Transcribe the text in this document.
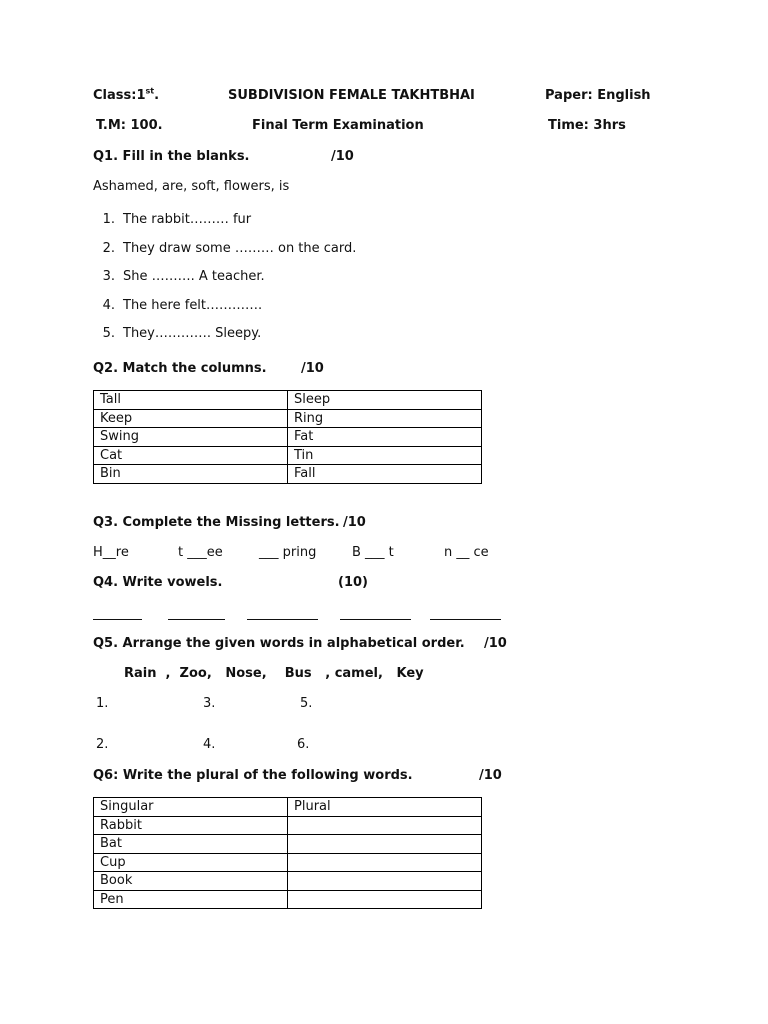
Class:1st.	SUBDIVISION FEMALE TAKHTBHAI	Paper: English
T.M: 100.	Final Term Examination	Time: 3hrs
Q1. Fill in the blanks.	/10
Ashamed, are, soft, flowers, is
1. The rabbit……… fur
2. They draw some ……… on the card.
3. She ………. A teacher.
4. The here felt………….
5. They…………. Sleepy.
Q2. Match the columns.	/10
Tall	Sleep
Keep	Ring
Swing	Fat
Cat	Tin
Bin	Fall
Q3. Complete the Missing letters. /10
H__re	t ___ee	___ pring	B ___ t	n __ ce
Q4. Write vowels.	(10)
Q5. Arrange the given words in alphabetical order. /10
Rain  ,  Zoo,   Nose,    Bus   , camel,   Key
1.	3.	5.
2.	4.	6.
Q6: Write the plural of the following words.	/10
Singular	Plural
Rabbit	
Bat	
Cup	
Book	
Pen	
